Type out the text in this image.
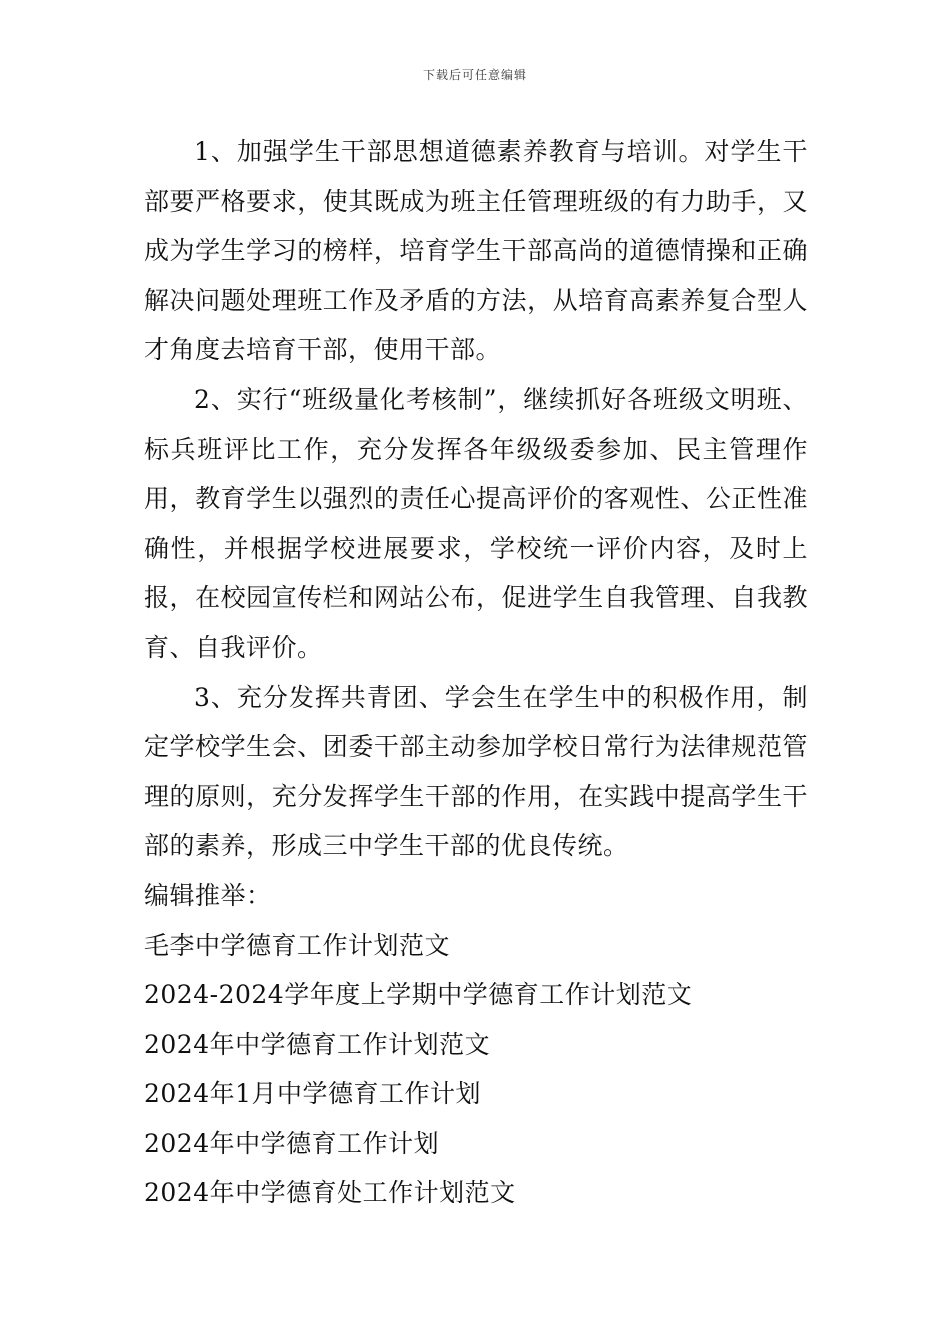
下载后可任意编辑

1、加强学生干部思想道德素养教育与培训。对学生干部要严格要求，使其既成为班主任管理班级的有力助手，又成为学生学习的榜样，培育学生干部高尚的道德情操和正确解决问题处理班工作及矛盾的方法，从培育高素养复合型人才角度去培育干部，使用干部。

2、实行“班级量化考核制”，继续抓好各班级文明班、标兵班评比工作，充分发挥各年级级委参加、民主管理作用，教育学生以强烈的责任心提高评价的客观性、公正性准确性，并根据学校进展要求，学校统一评价内容，及时上报，在校园宣传栏和网站公布，促进学生自我管理、自我教育、自我评价。

3、充分发挥共青团、学会生在学生中的积极作用，制定学校学生会、团委干部主动参加学校日常行为法律规范管理的原则，充分发挥学生干部的作用，在实践中提高学生干部的素养，形成三中学生干部的优良传统。

编辑推举：

毛李中学德育工作计划范文
2024-2024学年度上学期中学德育工作计划范文
2024年中学德育工作计划范文
2024年1月中学德育工作计划
2024年中学德育工作计划
2024年中学德育处工作计划范文
